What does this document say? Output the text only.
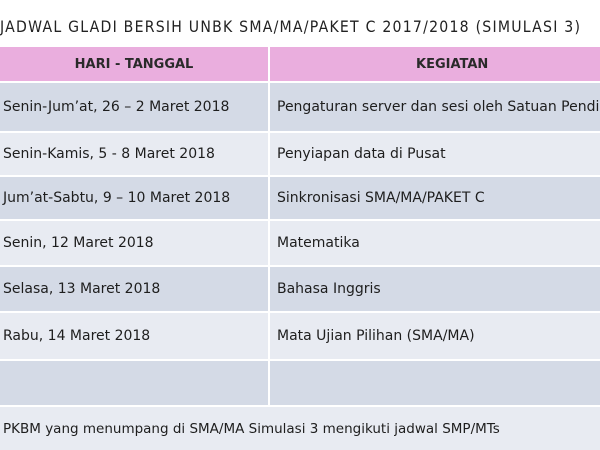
JADWAL GLADI BERSIH UNBK SMA/MA/PAKET C 2017/2018 (SIMULASI 3)
HARI - TANGGAL	KEGIATAN
Senin-Jum’at, 26 – 2 Maret 2018	Pengaturan server dan sesi oleh Satuan Pendi
Senin-Kamis, 5 - 8 Maret 2018	Penyiapan data di Pusat
Jum’at-Sabtu, 9 – 10 Maret 2018	Sinkronisasi SMA/MA/PAKET C
Senin, 12 Maret 2018	Matematika
Selasa, 13 Maret 2018	Bahasa Inggris
Rabu, 14 Maret 2018	Mata Ujian Pilihan (SMA/MA)
PKBM yang menumpang di SMA/MA Simulasi 3 mengikuti jadwal SMP/MTs
